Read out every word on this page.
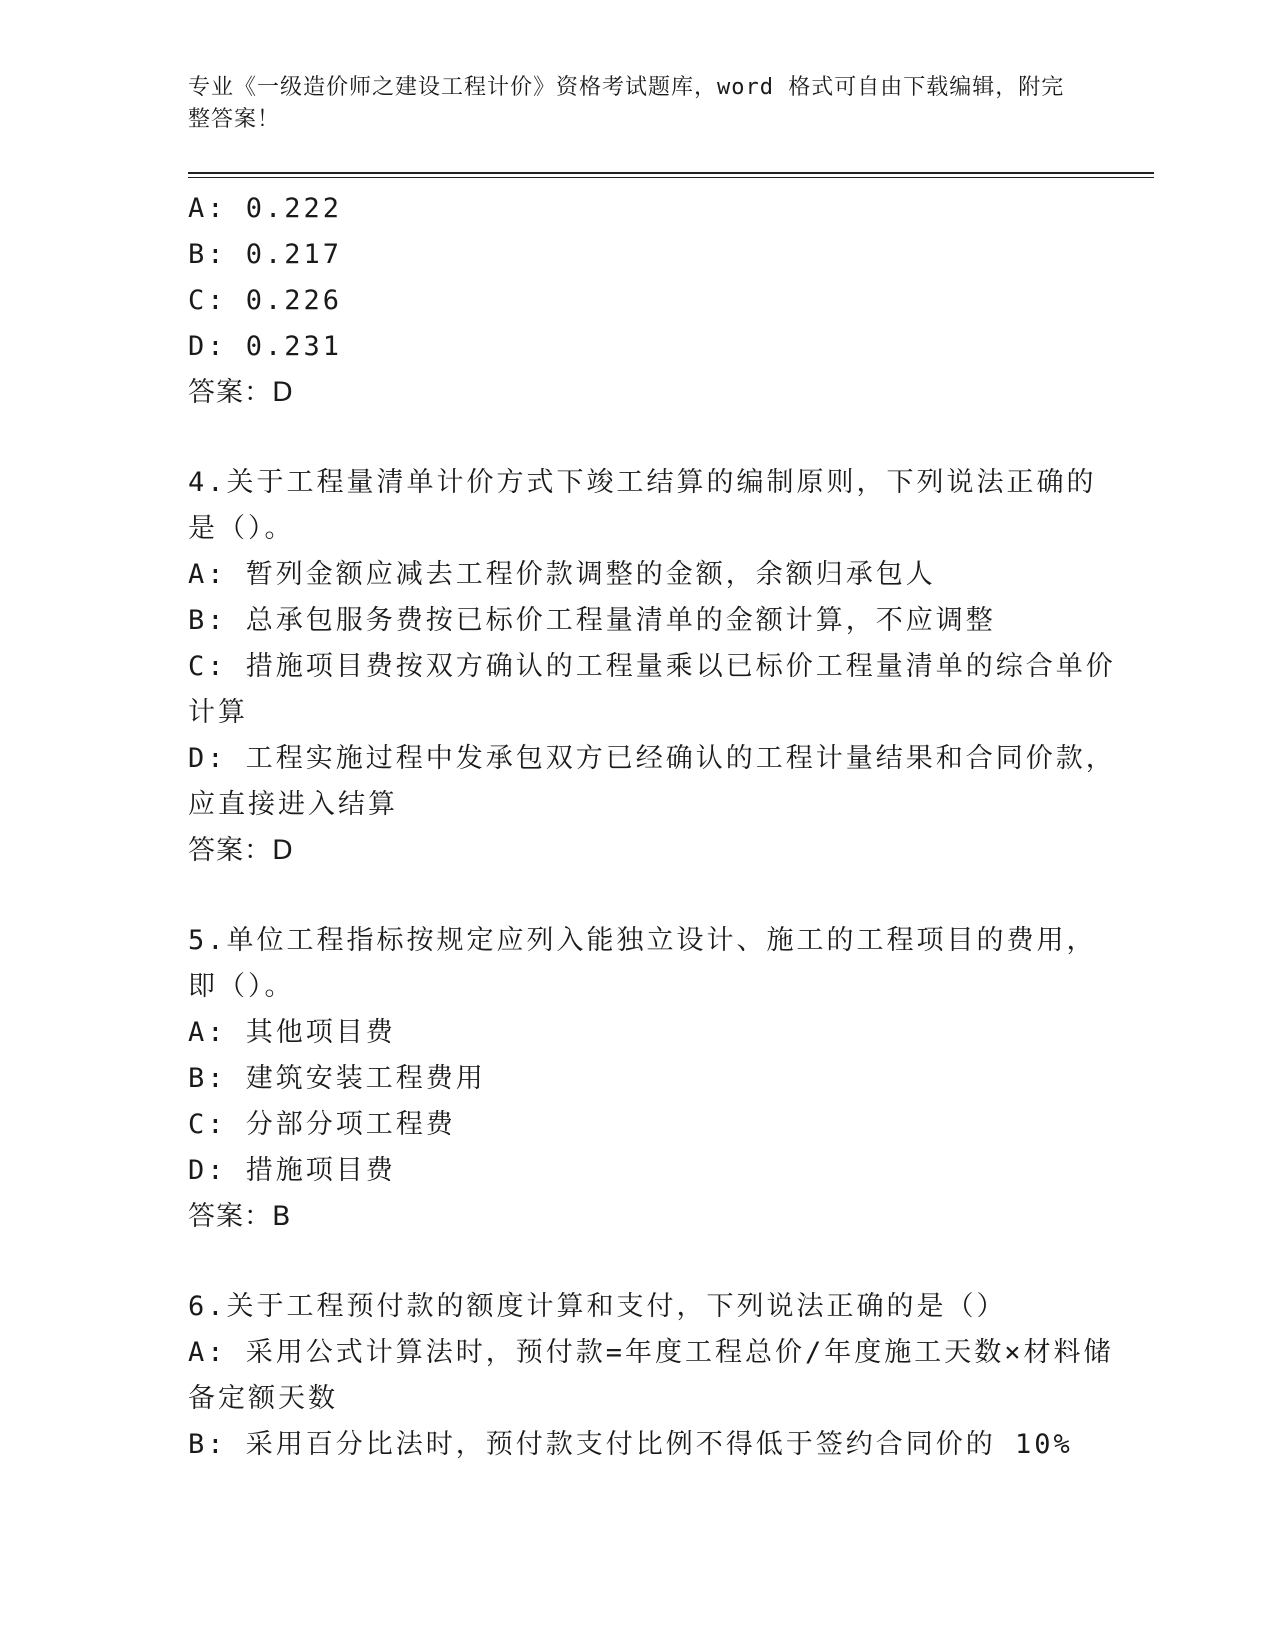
专业《一级造价师之建设工程计价》资格考试题库，word 格式可自由下载编辑，附完整答案！
A: 0.222
B: 0.217
C: 0.226
D: 0.231
答案：D
4.关于工程量清单计价方式下竣工结算的编制原则，下列说法正确的
是（）。
A: 暂列金额应减去工程价款调整的金额，余额归承包人
B: 总承包服务费按已标价工程量清单的金额计算，不应调整
C: 措施项目费按双方确认的工程量乘以已标价工程量清单的综合单价
计算
D: 工程实施过程中发承包双方已经确认的工程计量结果和合同价款，
应直接进入结算
答案：D
5.单位工程指标按规定应列入能独立设计、施工的工程项目的费用，
即（）。
A: 其他项目费
B: 建筑安装工程费用
C: 分部分项工程费
D: 措施项目费
答案：B
6.关于工程预付款的额度计算和支付，下列说法正确的是（）
A: 采用公式计算法时，预付款=年度工程总价/年度施工天数×材料储
备定额天数
B: 采用百分比法时，预付款支付比例不得低于签约合同价的 10%
